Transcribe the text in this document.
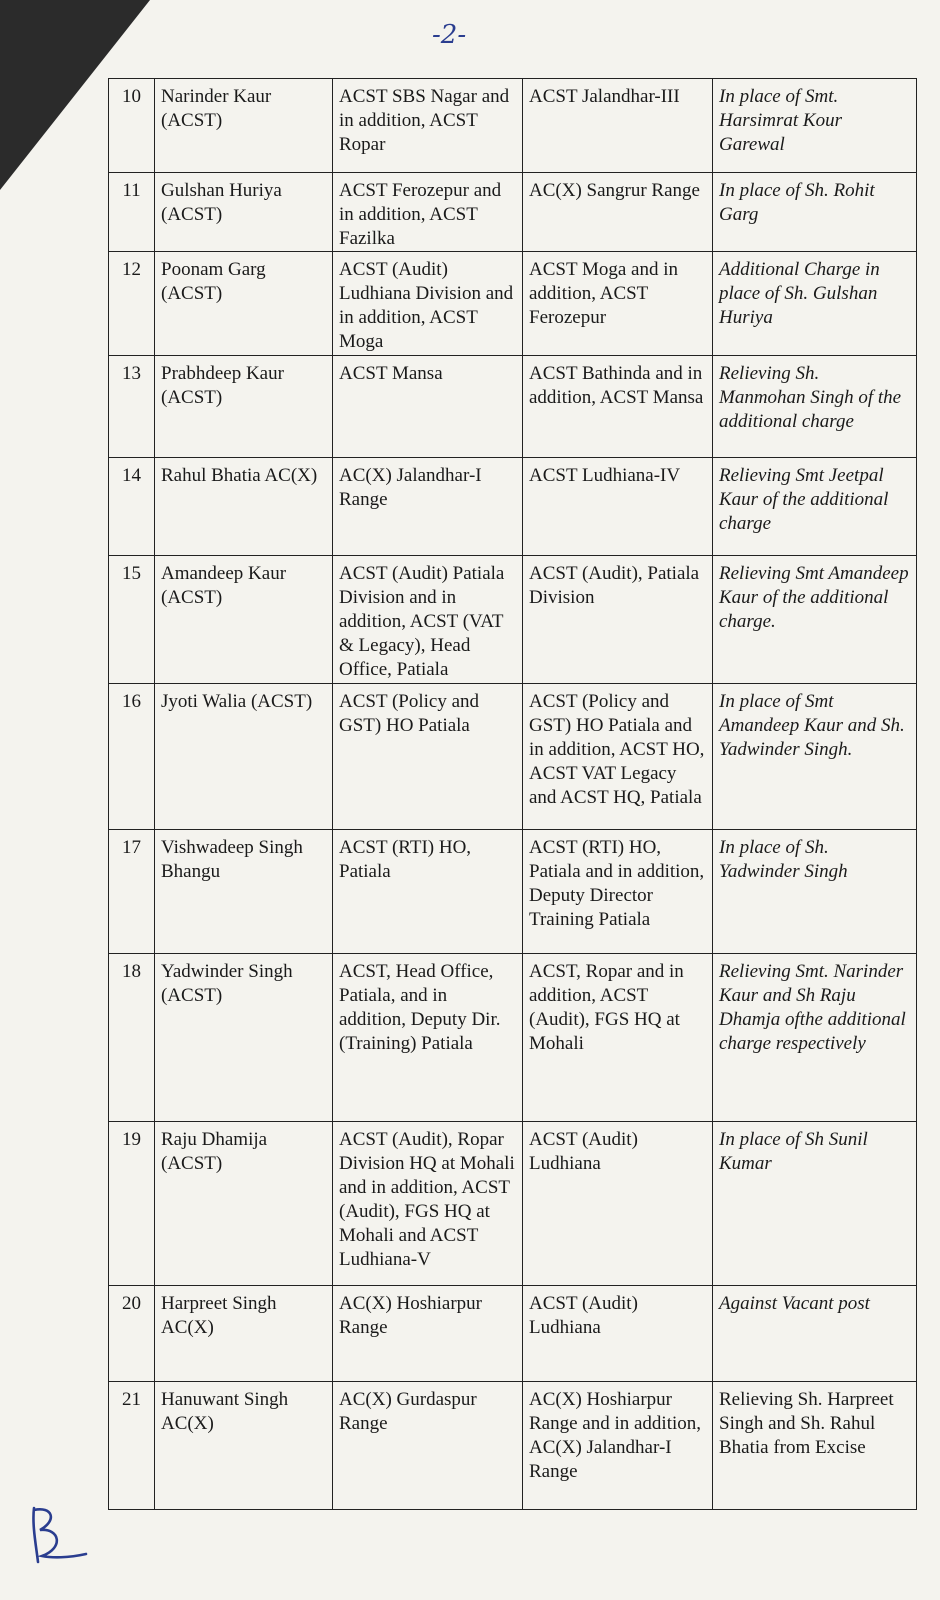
-2-
10	Narinder Kaur (ACST)	ACST SBS Nagar and in addition, ACST Ropar	ACST Jalandhar-III	In place of Smt. Harsimrat Kour Garewal
11	Gulshan Huriya (ACST)	ACST Ferozepur and in addition, ACST Fazilka	AC(X) Sangrur Range	In place of Sh. Rohit Garg
12	Poonam Garg (ACST)	ACST (Audit) Ludhiana Division and in addition, ACST Moga	ACST Moga and in addition, ACST Ferozepur	Additional Charge in place of Sh. Gulshan Huriya
13	Prabhdeep Kaur (ACST)	ACST Mansa	ACST Bathinda and in addition, ACST Mansa	Relieving Sh. Manmohan Singh of the additional charge
14	Rahul Bhatia AC(X)	AC(X) Jalandhar-I Range	ACST Ludhiana-IV	Relieving Smt Jeetpal Kaur of the additional charge
15	Amandeep Kaur (ACST)	ACST (Audit) Patiala Division and in addition, ACST (VAT & Legacy), Head Office, Patiala	ACST (Audit), Patiala Division	Relieving Smt Amandeep Kaur of the additional charge.
16	Jyoti Walia (ACST)	ACST (Policy and GST) HO Patiala	ACST (Policy and GST) HO Patiala and in addition, ACST HO, ACST VAT Legacy and ACST HQ, Patiala	In place of Smt Amandeep Kaur and Sh. Yadwinder Singh.
17	Vishwadeep Singh Bhangu	ACST (RTI) HO, Patiala	ACST (RTI) HO, Patiala and in addition, Deputy Director Training Patiala	In place of Sh. Yadwinder Singh
18	Yadwinder Singh (ACST)	ACST, Head Office, Patiala, and in addition, Deputy Dir. (Training) Patiala	ACST, Ropar and in addition, ACST (Audit), FGS HQ at Mohali	Relieving Smt. Narinder Kaur and Sh Raju Dhamja ofthe additional charge respectively
19	Raju Dhamija (ACST)	ACST (Audit), Ropar Division HQ at Mohali and in addition, ACST (Audit), FGS HQ at Mohali and ACST Ludhiana-V	ACST (Audit) Ludhiana	In place of Sh Sunil Kumar
20	Harpreet Singh AC(X)	AC(X) Hoshiarpur Range	ACST (Audit) Ludhiana	Against Vacant post
21	Hanuwant Singh AC(X)	AC(X) Gurdaspur Range	AC(X) Hoshiarpur Range and in addition, AC(X) Jalandhar-I Range	Relieving Sh. Harpreet Singh and Sh. Rahul Bhatia from Excise
